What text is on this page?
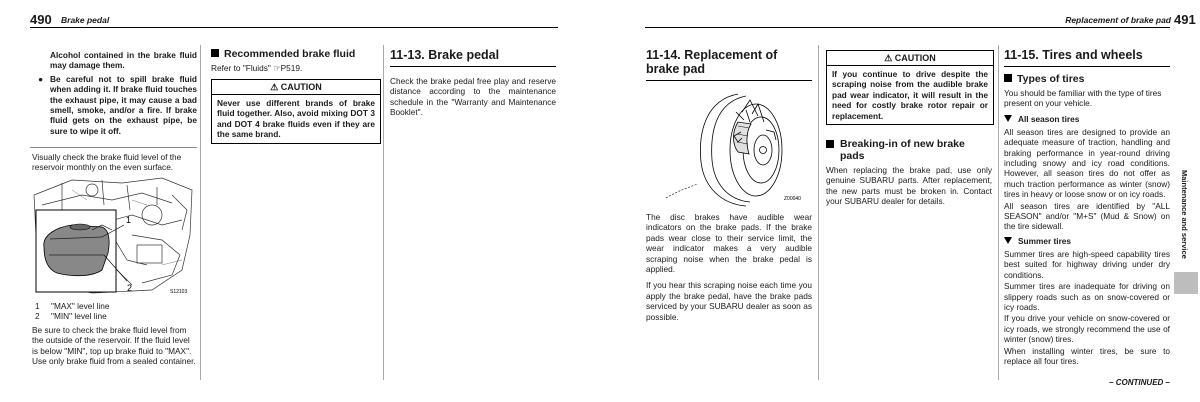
490 Brake pedal
Alcohol contained in the brake fluid may damage them.
● Be careful not to spill brake fluid when adding it. If brake fluid touches the exhaust pipe, it may cause a bad smell, smoke, and/or a fire. If brake fluid gets on the exhaust pipe, be sure to wipe it off.
Visually check the brake fluid level of the reservoir monthly on the even surface.
1
2	S12103
1 "MAX" level line
2 "MIN" level line
Be sure to check the brake fluid level from the outside of the reservoir. If the fluid level is below "MIN", top up brake fluid to "MAX". Use only brake fluid from a sealed container.
Recommended brake fluid
Refer to "Fluids" ☞P519.
⚠ CAUTION
Never use different brands of brake fluid together. Also, avoid mixing DOT 3 and DOT 4 brake fluids even if they are the same brand.
11-13. Brake pedal
Check the brake pedal free play and reserve distance according to the maintenance schedule in the "Warranty and Maintenance Booklet".
Replacement of brake pad 491
11-14. Replacement of brake pad
Z00040

The disc brakes have audible wear indicators on the brake pads. If the brake pads wear close to their service limit, the wear indicator makes a very audible scraping noise when the brake pedal is applied.

If you hear this scraping noise each time you apply the brake pedal, have the brake pads serviced by your SUBARU dealer as soon as possible.

⚠ CAUTION
If you continue to drive despite the scraping noise from the audible brake pad wear indicator, it will result in the need for costly brake rotor repair or replacement.
Breaking-in of new brake pads
When replacing the brake pad, use only genuine SUBARU parts. After replacement, the new parts must be broken in. Contact your SUBARU dealer for details.
11-15. Tires and wheels
Types of tires
You should be familiar with the type of tires present on your vehicle.
All season tires

All season tires are designed to provide an adequate measure of traction, handling and braking performance in year-round driving including snowy and icy road conditions. However, all season tires do not offer as much traction performance as winter (snow) tires in heavy or loose snow or on icy roads.

All season tires are identified by "ALL SEASON" and/or "M+S" (Mud & Snow) on the tire sidewall.

Summer tires

Summer tires are high-speed capability tires best suited for highway driving under dry conditions.

Summer tires are inadequate for driving on slippery roads such as on snow-covered or icy roads.

If you drive your vehicle on snow-covered or icy roads, we strongly recommend the use of winter (snow) tires.

When installing winter tires, be sure to replace all four tires.

– CONTINUED –
Maintenance and service
